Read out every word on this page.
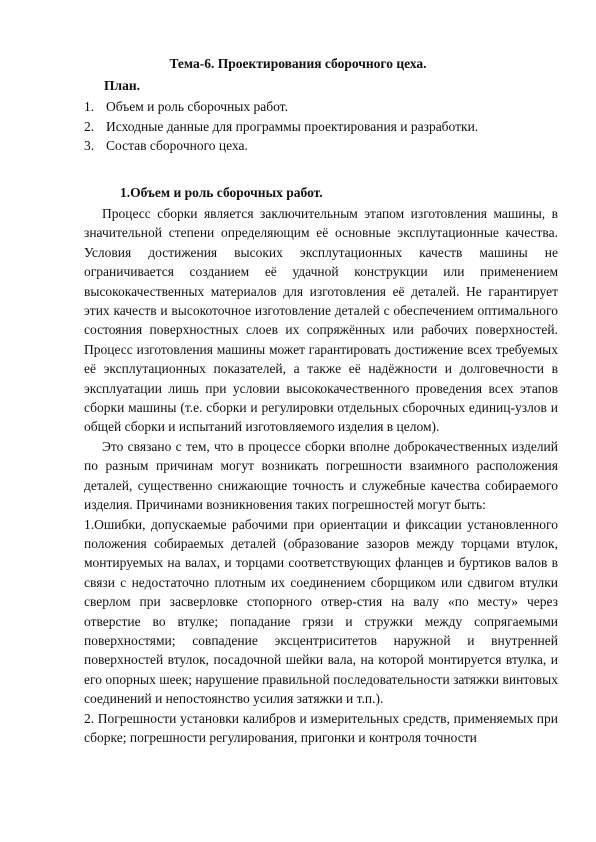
Тема-6. Проектирования сборочного цеха.
План.
1. Объем и роль сборочных работ.
2. Исходные данные для программы проектирования и разработки.
3. Состав сборочного цеха.
1.Объем и роль сборочных работ.

Процесс сборки является заключительным этапом изготовления машины, в значительной степени определяющим её основные эксплутационные качества. Условия достижения высоких эксплутационных качеств машины не ограничивается созданием её удачной конструкции или применением высококачественных материалов для изготовления её деталей. Не гарантирует этих качеств и высокоточное изготовление деталей с обеспечением оптимального состояния поверхностных слоев их сопряжённых или рабочих поверхностей. Процесс изготовления машины может гарантировать достижение всех требуемых её эксплутационных показателей, а также её надёжности и долговечности в эксплуатации лишь при условии высококачественного проведения всех этапов сборки машины (т.е. сборки и регулировки отдельных сборочных единиц-узлов и общей сборки и испытаний изготовляемого изделия в целом).

Это связано с тем, что в процессе сборки вполне доброкачественных изделий по разным причинам могут возникать погрешности взаимного расположения деталей, существенно снижающие точность и служебные качества собираемого изделия. Причинами возникновения таких погрешностей могут быть:

1.Ошибки, допускаемые рабочими при ориентации и фиксации установленного положения собираемых деталей (образование зазоров между торцами втулок, монтируемых на валах, и торцами соответствующих фланцев и буртиков валов в связи с недостаточно плотным их соединением сборщиком или сдвигом втулки сверлом при засверловке стопорного отвер-стия на валу «по месту» через отверстие во втулке; попадание грязи и стружки между сопрягаемыми поверхностями; совпадение эксцентриситетов наружной и внутренней поверхностей втулок, посадочной шейки вала, на которой монтируется втулка, и его опорных шеек; нарушение правильной последовательности затяжки винтовых соединений и непостоянство усилия затяжки и т.п.).

2. Погрешности установки калибров и измерительных средств, применяемых при сборке; погрешности регулирования, пригонки и контроля точности
